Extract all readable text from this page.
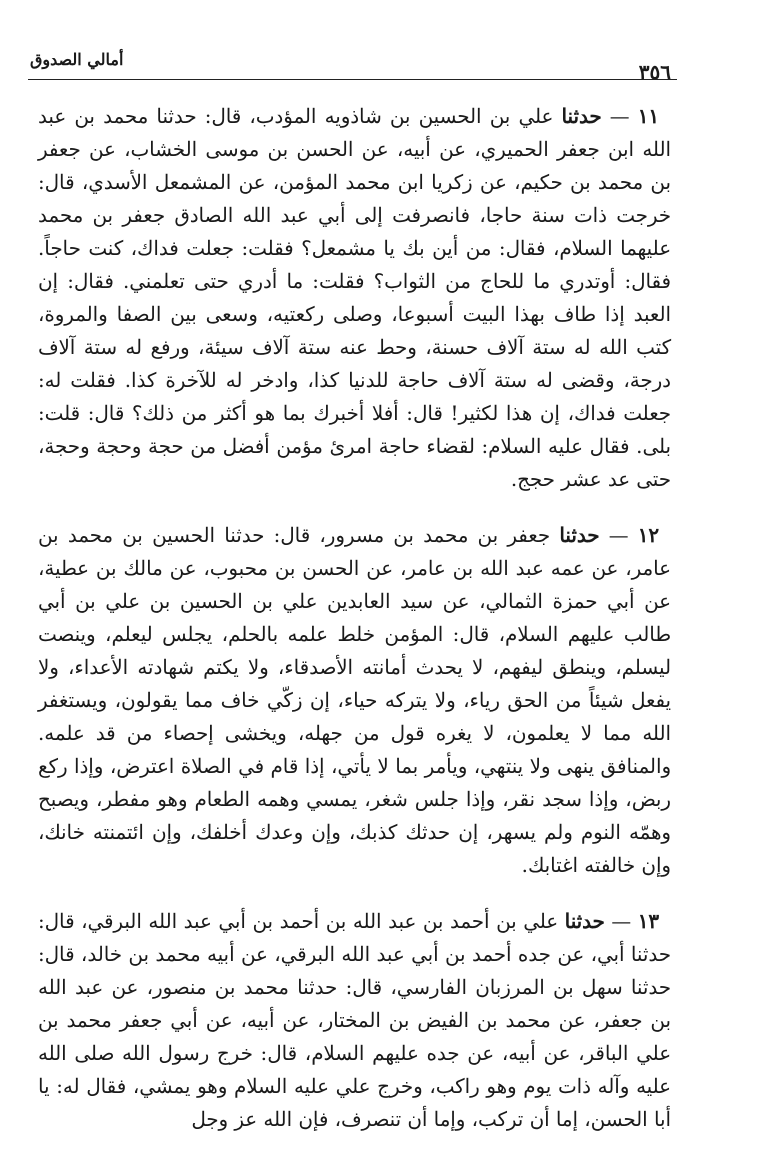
أمالي الصدوق
٣٥٦

١١ — حدثنا علي بن الحسين بن شاذويه المؤدب، قال: حدثنا محمد بن عبد الله ابن جعفر الحميري، عن أبيه، عن الحسن بن موسى الخشاب، عن جعفر بن محمد بن حكيم، عن زكريا ابن محمد المؤمن، عن المشمعل الأسدي، قال: خرجت ذات سنة حاجا، فانصرفت إلى أبي عبد الله الصادق جعفر بن محمد عليهما السلام، فقال: من أين بك يا مشمعل؟ فقلت: جعلت فداك، كنت حاجاً. فقال: أوتدري ما للحاج من الثواب؟ فقلت: ما أدري حتى تعلمني. فقال: إن العبد إذا طاف بهذا البيت أسبوعا، وصلى ركعتيه، وسعى بين الصفا والمروة، كتب الله له ستة آلاف حسنة، وحط عنه ستة آلاف سيئة، ورفع له ستة آلاف درجة، وقضى له ستة آلاف حاجة للدنيا كذا، وادخر له للآخرة كذا. فقلت له: جعلت فداك، إن هذا لكثير! قال: أفلا أخبرك بما هو أكثر من ذلك؟ قال: قلت: بلى. فقال عليه السلام: لقضاء حاجة امرئ مؤمن أفضل من حجة وحجة وحجة، حتى عد عشر حجج.

١٢ — حدثنا جعفر بن محمد بن مسرور، قال: حدثنا الحسين بن محمد بن عامر، عن عمه عبد الله بن عامر، عن الحسن بن محبوب، عن مالك بن عطية، عن أبي حمزة الثمالي، عن سيد العابدين علي بن الحسين بن علي بن أبي طالب عليهم السلام، قال: المؤمن خلط علمه بالحلم، يجلس ليعلم، وينصت ليسلم، وينطق ليفهم، لا يحدث أمانته الأصدقاء، ولا يكتم شهادته الأعداء، ولا يفعل شيئاً من الحق رياء، ولا يتركه حياء، إن زكّي خاف مما يقولون، ويستغفر الله مما لا يعلمون، لا يغره قول من جهله، ويخشى إحصاء من قد علمه. والمنافق ينهى ولا ينتهي، ويأمر بما لا يأتي، إذا قام في الصلاة اعترض، وإذا ركع ربض، وإذا سجد نقر، وإذا جلس شغر، يمسي وهمه الطعام وهو مفطر، ويصبح وهمّه النوم ولم يسهر، إن حدثك كذبك، وإن وعدك أخلفك، وإن ائتمنته خانك، وإن خالفته اغتابك.

١٣ — حدثنا علي بن أحمد بن عبد الله بن أحمد بن أبي عبد الله البرقي، قال: حدثنا أبي، عن جده أحمد بن أبي عبد الله البرقي، عن أبيه محمد بن خالد، قال: حدثنا سهل بن المرزبان الفارسي، قال: حدثنا محمد بن منصور، عن عبد الله بن جعفر، عن محمد بن الفيض بن المختار، عن أبيه، عن أبي جعفر محمد بن علي الباقر، عن أبيه، عن جده عليهم السلام، قال: خرج رسول الله صلى الله عليه وآله ذات يوم وهو راكب، وخرج علي عليه السلام وهو يمشي، فقال له: يا أبا الحسن، إما أن تركب، وإما أن تنصرف، فإن الله عز وجل
